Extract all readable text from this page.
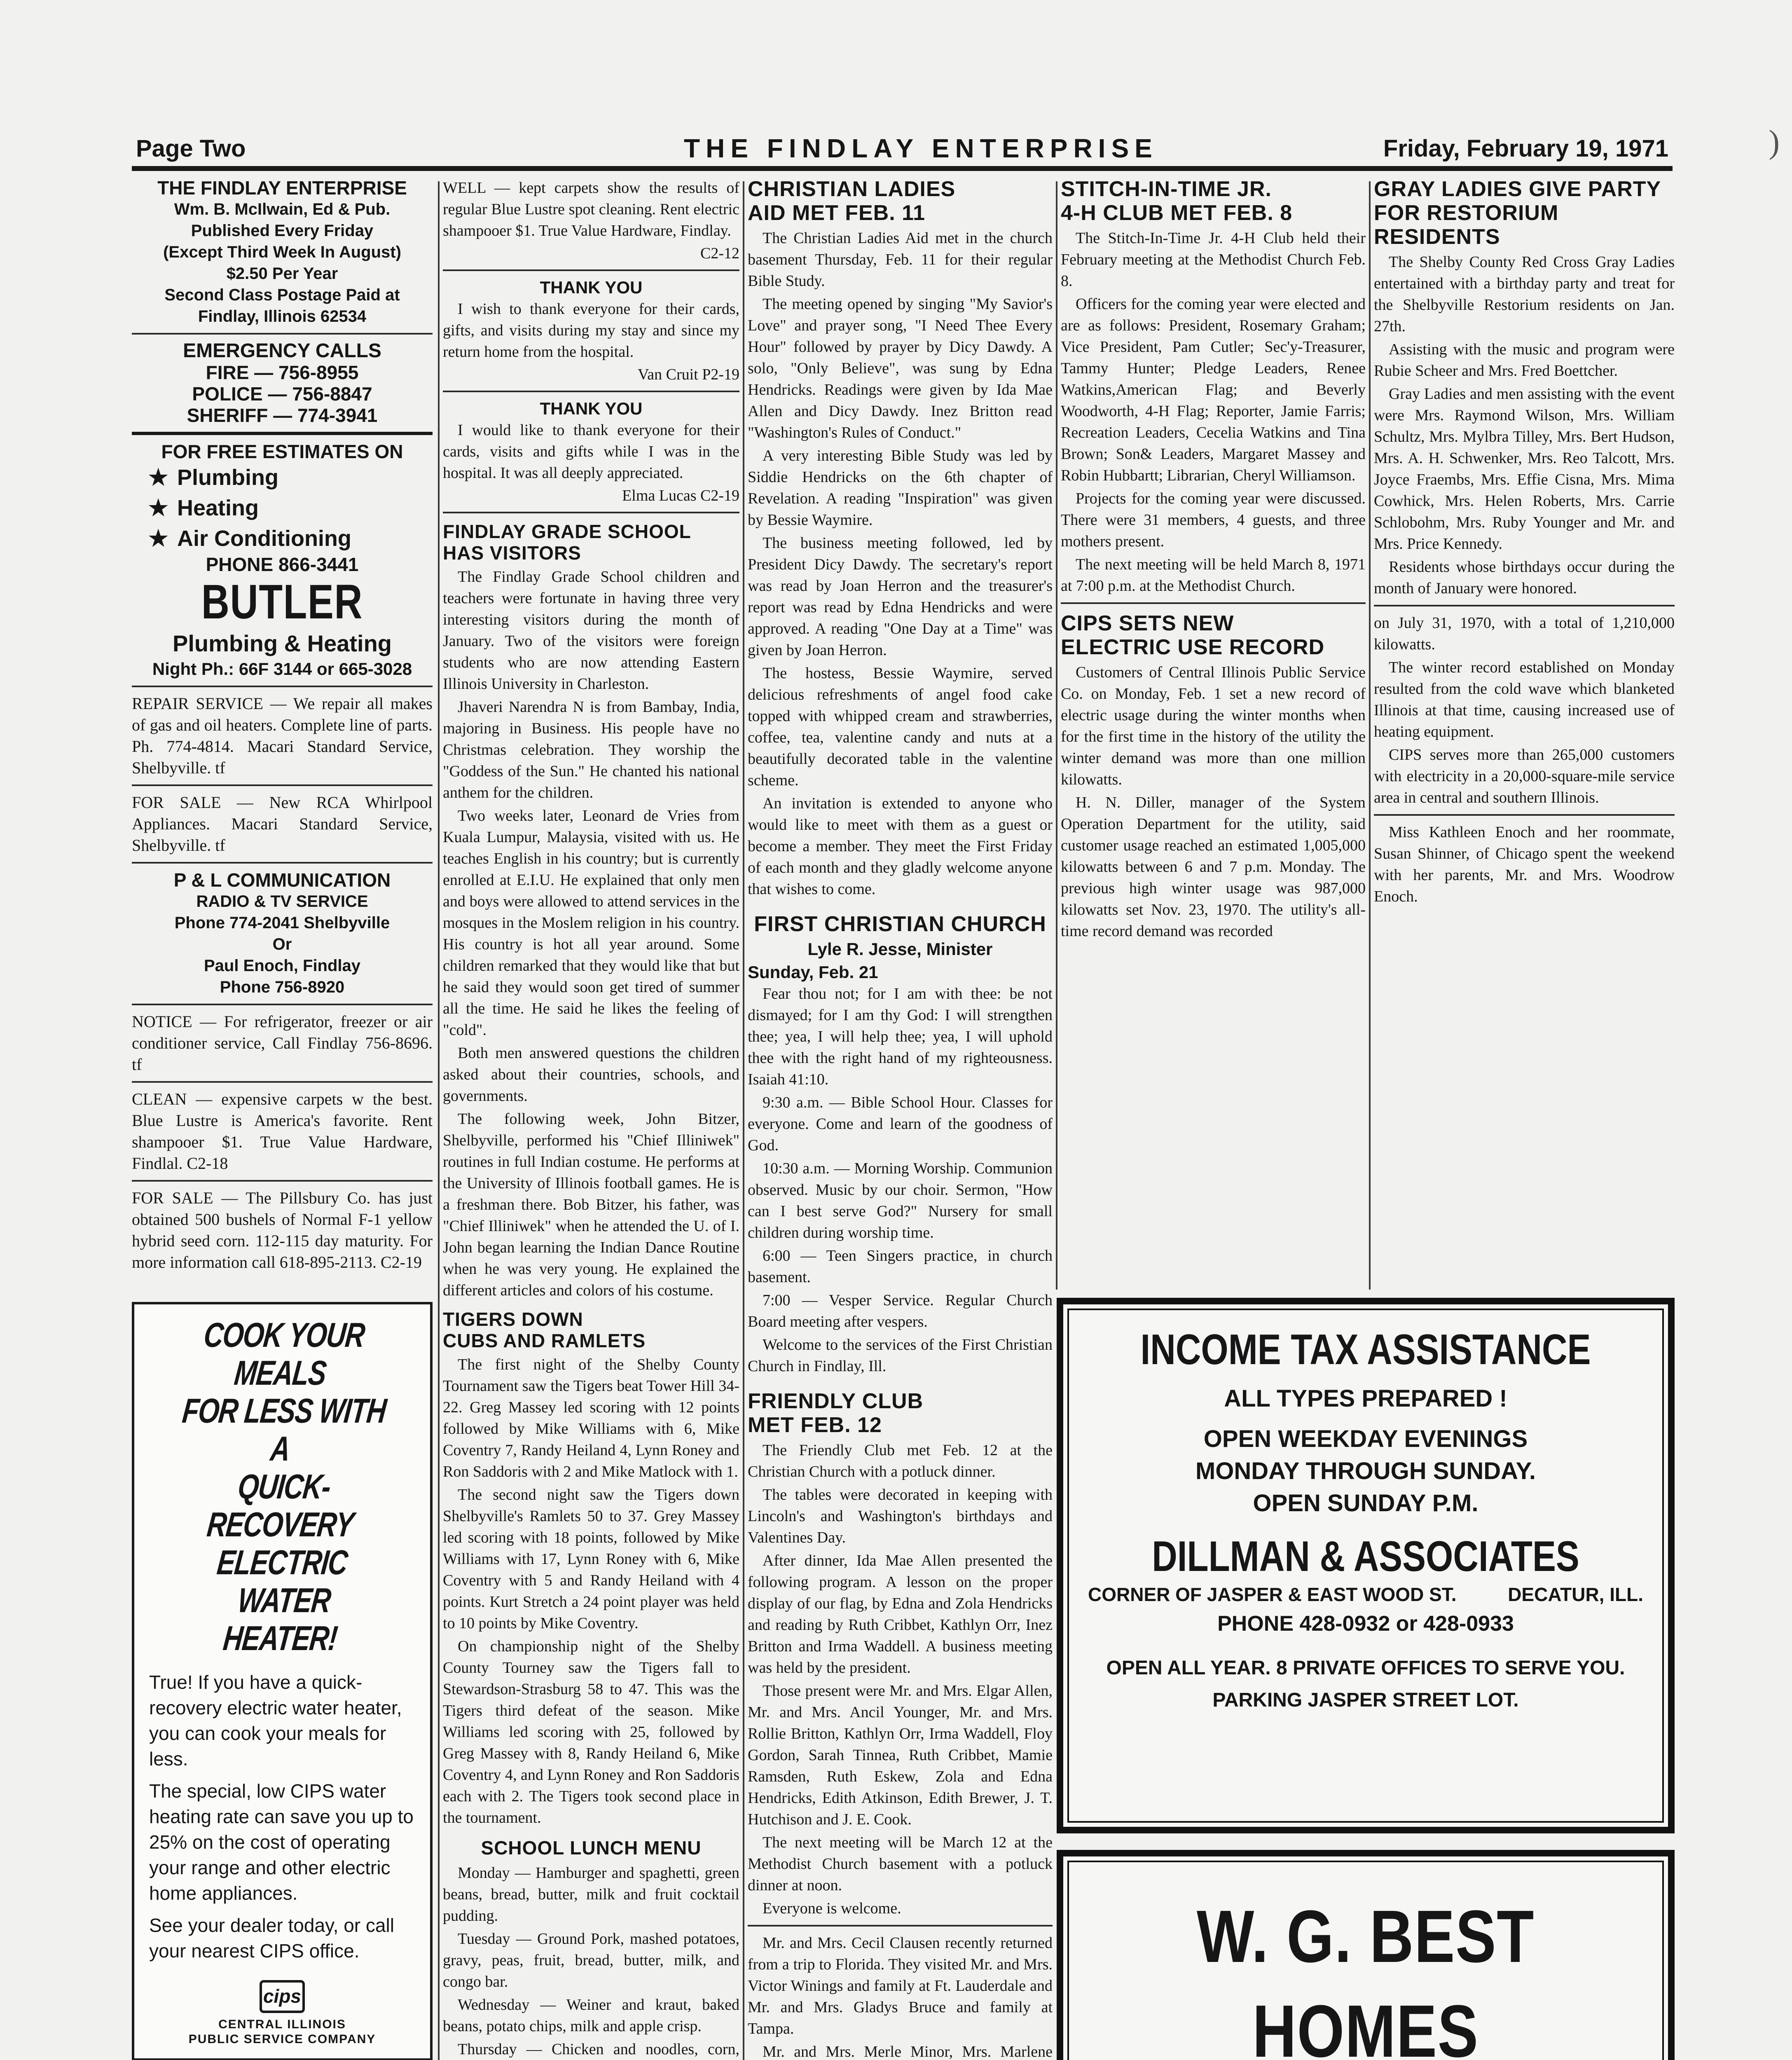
)
Page Two	THE FINDLAY ENTERPRISE	Friday, February 19, 1971
THE FINDLAY ENTERPRISE
Wm. B. McIlwain, Ed & Pub.
Published Every Friday
(Except Third Week In August)
$2.50 Per Year
Second Class Postage Paid at
Findlay, Illinois 62534
EMERGENCY CALLS
FIRE — 756-8955
POLICE — 756-8847
SHERIFF — 774-3941
FOR FREE ESTIMATES ON
★ Plumbing
★ Heating
★ Air Conditioning
PHONE 866-3441
BUTLER
Plumbing & Heating
Night Ph.: 66F 3144 or 665-3028
REPAIR SERVICE — We repair all makes of gas and oil heaters. Complete line of parts. Ph. 774-4814. Macari Standard Service, Shelbyville. tf
FOR SALE — New RCA Whirlpool Appliances. Macari Standard Service, Shelbyville. tf
P & L COMMUNICATION
RADIO & TV SERVICE
Phone 774-2041 Shelbyville
Or
Paul Enoch, Findlay
Phone 756-8920
NOTICE — For refrigerator, freezer or air conditioner service, Call Findlay 756-8696. tf
CLEAN — expensive carpets w the best. Blue Lustre is America's favorite. Rent shampooer $1. True Value Hardware, Findlal. C2-18
FOR SALE — The Pillsbury Co. has just obtained 500 bushels of Normal F-1 yellow hybrid seed corn. 112-115 day maturity. For more information call 618-895-2113. C2-19
COOK YOUR MEALS
FOR LESS WITH A
QUICK-RECOVERY
ELECTRIC
WATER HEATER!
True! If you have a quick-recovery electric water heater, you can cook your meals for less.
The special, low CIPS water heating rate can save you up to 25% on the cost of operating your range and other electric home appliances.
See your dealer today, or call your nearest CIPS office.
cips
CENTRAL ILLINOIS
PUBLIC SERVICE COMPANY
WELL — kept carpets show the results of regular Blue Lustre spot cleaning. Rent electric shampooer $1. True Value Hardware, Findlay.
C2-12
THANK YOU
I wish to thank everyone for their cards, gifts, and visits during my stay and since my return home from the hospital.
Van Cruit P2-19
THANK YOU
I would like to thank everyone for their cards, visits and gifts while I was in the hospital. It was all deeply appreciated.
Elma Lucas C2-19
FINDLAY GRADE SCHOOL
HAS VISITORS
The Findlay Grade School children and teachers were fortunate in having three very interesting visitors during the month of January. Two of the visitors were foreign students who are now attending Eastern Illinois University in Charleston.
Jhaveri Narendra N is from Bambay, India, majoring in Business. His people have no Christmas celebration. They worship the "Goddess of the Sun." He chanted his national anthem for the children.
Two weeks later, Leonard de Vries from Kuala Lumpur, Malaysia, visited with us. He teaches English in his country; but is currently enrolled at E.I.U. He explained that only men and boys were allowed to attend services in the mosques in the Moslem religion in his country. His country is hot all year around. Some children remarked that they would like that but he said they would soon get tired of summer all the time. He said he likes the feeling of "cold".
Both men answered questions the children asked about their countries, schools, and governments.
The following week, John Bitzer, Shelbyville, performed his "Chief Illiniwek" routines in full Indian costume. He performs at the University of Illinois football games. He is a freshman there. Bob Bitzer, his father, was "Chief Illiniwek" when he attended the U. of I. John began learning the Indian Dance Routine when he was very young. He explained the different articles and colors of his costume.
TIGERS DOWN
CUBS AND RAMLETS
The first night of the Shelby County Tournament saw the Tigers beat Tower Hill 34-22. Greg Massey led scoring with 12 points followed by Mike Williams with 6, Mike Coventry 7, Randy Heiland 4, Lynn Roney and Ron Saddoris with 2 and Mike Matlock with 1.
The second night saw the Tigers down Shelbyville's Ramlets 50 to 37. Grey Massey led scoring with 18 points, followed by Mike Williams with 17, Lynn Roney with 6, Mike Coventry with 5 and Randy Heiland with 4 points. Kurt Stretch a 24 point player was held to 10 points by Mike Coventry.
On championship night of the Shelby County Tourney saw the Tigers fall to Stewardson-Strasburg 58 to 47. This was the Tigers third defeat of the season. Mike Williams led scoring with 25, followed by Greg Massey with 8, Randy Heiland 6, Mike Coventry 4, and Lynn Roney and Ron Saddoris each with 2. The Tigers took second place in the tournament.
SCHOOL LUNCH MENU
Monday — Hamburger and spaghetti, green beans, bread, butter, milk and fruit cocktail pudding.
Tuesday — Ground Pork, mashed potatoes, gravy, peas, fruit, bread, butter, milk, and congo bar.
Wednesday — Weiner and kraut, baked beans, potato chips, milk and apple crisp.
Thursday — Chicken and noodles, corn,
CHRISTIAN LADIES
AID MET FEB. 11
The Christian Ladies Aid met in the church basement Thursday, Feb. 11 for their regular Bible Study.
The meeting opened by singing "My Savior's Love" and prayer song, "I Need Thee Every Hour" followed by prayer by Dicy Dawdy. A solo, "Only Believe", was sung by Edna Hendricks. Readings were given by Ida Mae Allen and Dicy Dawdy. Inez Britton read "Washington's Rules of Conduct."
A very interesting Bible Study was led by Siddie Hendricks on the 6th chapter of Revelation. A reading "Inspiration" was given by Bessie Waymire.
The business meeting followed, led by President Dicy Dawdy. The secretary's report was read by Joan Herron and the treasurer's report was read by Edna Hendricks and were approved. A reading "One Day at a Time" was given by Joan Herron.
The hostess, Bessie Waymire, served delicious refreshments of angel food cake topped with whipped cream and strawberries, coffee, tea, valentine candy and nuts at a beautifully decorated table in the valentine scheme.
An invitation is extended to anyone who would like to meet with them as a guest or become a member. They meet the First Friday of each month and they gladly welcome anyone that wishes to come.
FIRST CHRISTIAN CHURCH
Lyle R. Jesse, Minister
Sunday, Feb. 21
Fear thou not; for I am with thee: be not dismayed; for I am thy God: I will strengthen thee; yea, I will help thee; yea, I will uphold thee with the right hand of my righteousness. Isaiah 41:10.
9:30 a.m. — Bible School Hour. Classes for everyone. Come and learn of the goodness of God.
10:30 a.m. — Morning Worship. Communion observed. Music by our choir. Sermon, "How can I best serve God?" Nursery for small children during worship time.
6:00 — Teen Singers practice, in church basement.
7:00 — Vesper Service. Regular Church Board meeting after vespers.
Welcome to the services of the First Christian Church in Findlay, Ill.
FRIENDLY CLUB
MET FEB. 12
The Friendly Club met Feb. 12 at the Christian Church with a potluck dinner.
The tables were decorated in keeping with Lincoln's and Washington's birthdays and Valentines Day.
After dinner, Ida Mae Allen presented the following program. A lesson on the proper display of our flag, by Edna and Zola Hendricks and reading by Ruth Cribbet, Kathlyn Orr, Inez Britton and Irma Waddell. A business meeting was held by the president.
Those present were Mr. and Mrs. Elgar Allen, Mr. and Mrs. Ancil Younger, Mr. and Mrs. Rollie Britton, Kathlyn Orr, Irma Waddell, Floy Gordon, Sarah Tinnea, Ruth Cribbet, Mamie Ramsden, Ruth Eskew, Zola and Edna Hendricks, Edith Atkinson, Edith Brewer, J. T. Hutchison and J. E. Cook.
The next meeting will be March 12 at the Methodist Church basement with a potluck dinner at noon.
Everyone is welcome.
Mr. and Mrs. Cecil Clausen recently returned from a trip to Florida. They visited Mr. and Mrs. Victor Winings and family at Ft. Lauderdale and Mr. and Mrs. Gladys Bruce and family at Tampa.
Mr. and Mrs. Merle Minor, Mrs. Marlene
STITCH-IN-TIME JR.
4-H CLUB MET FEB. 8
The Stitch-In-Time Jr. 4-H Club held their February meeting at the Methodist Church Feb. 8.
Officers for the coming year were elected and are as follows: President, Rosemary Graham; Vice President, Pam Cutler; Sec'y-Treasurer, Tammy Hunter; Pledge Leaders, Renee Watkins,American Flag; and Beverly Woodworth, 4-H Flag; Reporter, Jamie Farris; Recreation Leaders, Cecelia Watkins and Tina Brown; Son& Leaders, Margaret Massey and Robin Hubbartt; Librarian, Cheryl Williamson.
Projects for the coming year were discussed. There were 31 members, 4 guests, and three mothers present.
The next meeting will be held March 8, 1971 at 7:00 p.m. at the Methodist Church.
CIPS SETS NEW
ELECTRIC USE RECORD
Customers of Central Illinois Public Service Co. on Monday, Feb. 1 set a new record of electric usage during the winter months when for the first time in the history of the utility the winter demand was more than one million kilowatts.
H. N. Diller, manager of the System Operation Department for the utility, said customer usage reached an estimated 1,005,000 kilowatts between 6 and 7 p.m. Monday. The previous high winter usage was 987,000 kilowatts set Nov. 23, 1970. The utility's all-time record demand was recorded
GRAY LADIES GIVE PARTY
FOR RESTORIUM RESIDENTS
The Shelby County Red Cross Gray Ladies entertained with a birthday party and treat for the Shelbyville Restorium residents on Jan. 27th.
Assisting with the music and program were Rubie Scheer and Mrs. Fred Boettcher.
Gray Ladies and men assisting with the event were Mrs. Raymond Wilson, Mrs. William Schultz, Mrs. Mylbra Tilley, Mrs. Bert Hudson, Mrs. A. H. Schwenker, Mrs. Reo Talcott, Mrs. Joyce Fraembs, Mrs. Effie Cisna, Mrs. Mima Cowhick, Mrs. Helen Roberts, Mrs. Carrie Schlobohm, Mrs. Ruby Younger and Mr. and Mrs. Price Kennedy.
Residents whose birthdays occur during the month of January were honored.
on July 31, 1970, with a total of 1,210,000 kilowatts.
The winter record established on Monday resulted from the cold wave which blanketed Illinois at that time, causing increased use of heating equipment.
CIPS serves more than 265,000 customers with electricity in a 20,000-square-mile service area in central and southern Illinois.
Miss Kathleen Enoch and her roommate, Susan Shinner, of Chicago spent the weekend with her parents, Mr. and Mrs. Woodrow Enoch.
INCOME TAX ASSISTANCE
ALL TYPES PREPARED !
OPEN WEEKDAY EVENINGS
MONDAY THROUGH SUNDAY.
OPEN SUNDAY P.M.
DILLMAN & ASSOCIATES
CORNER OF JASPER & EAST WOOD ST.	DECATUR, ILL.
PHONE 428-0932 or 428-0933
OPEN ALL YEAR. 8 PRIVATE OFFICES TO SERVE YOU.
PARKING JASPER STREET LOT.
W. G. BEST HOMES
